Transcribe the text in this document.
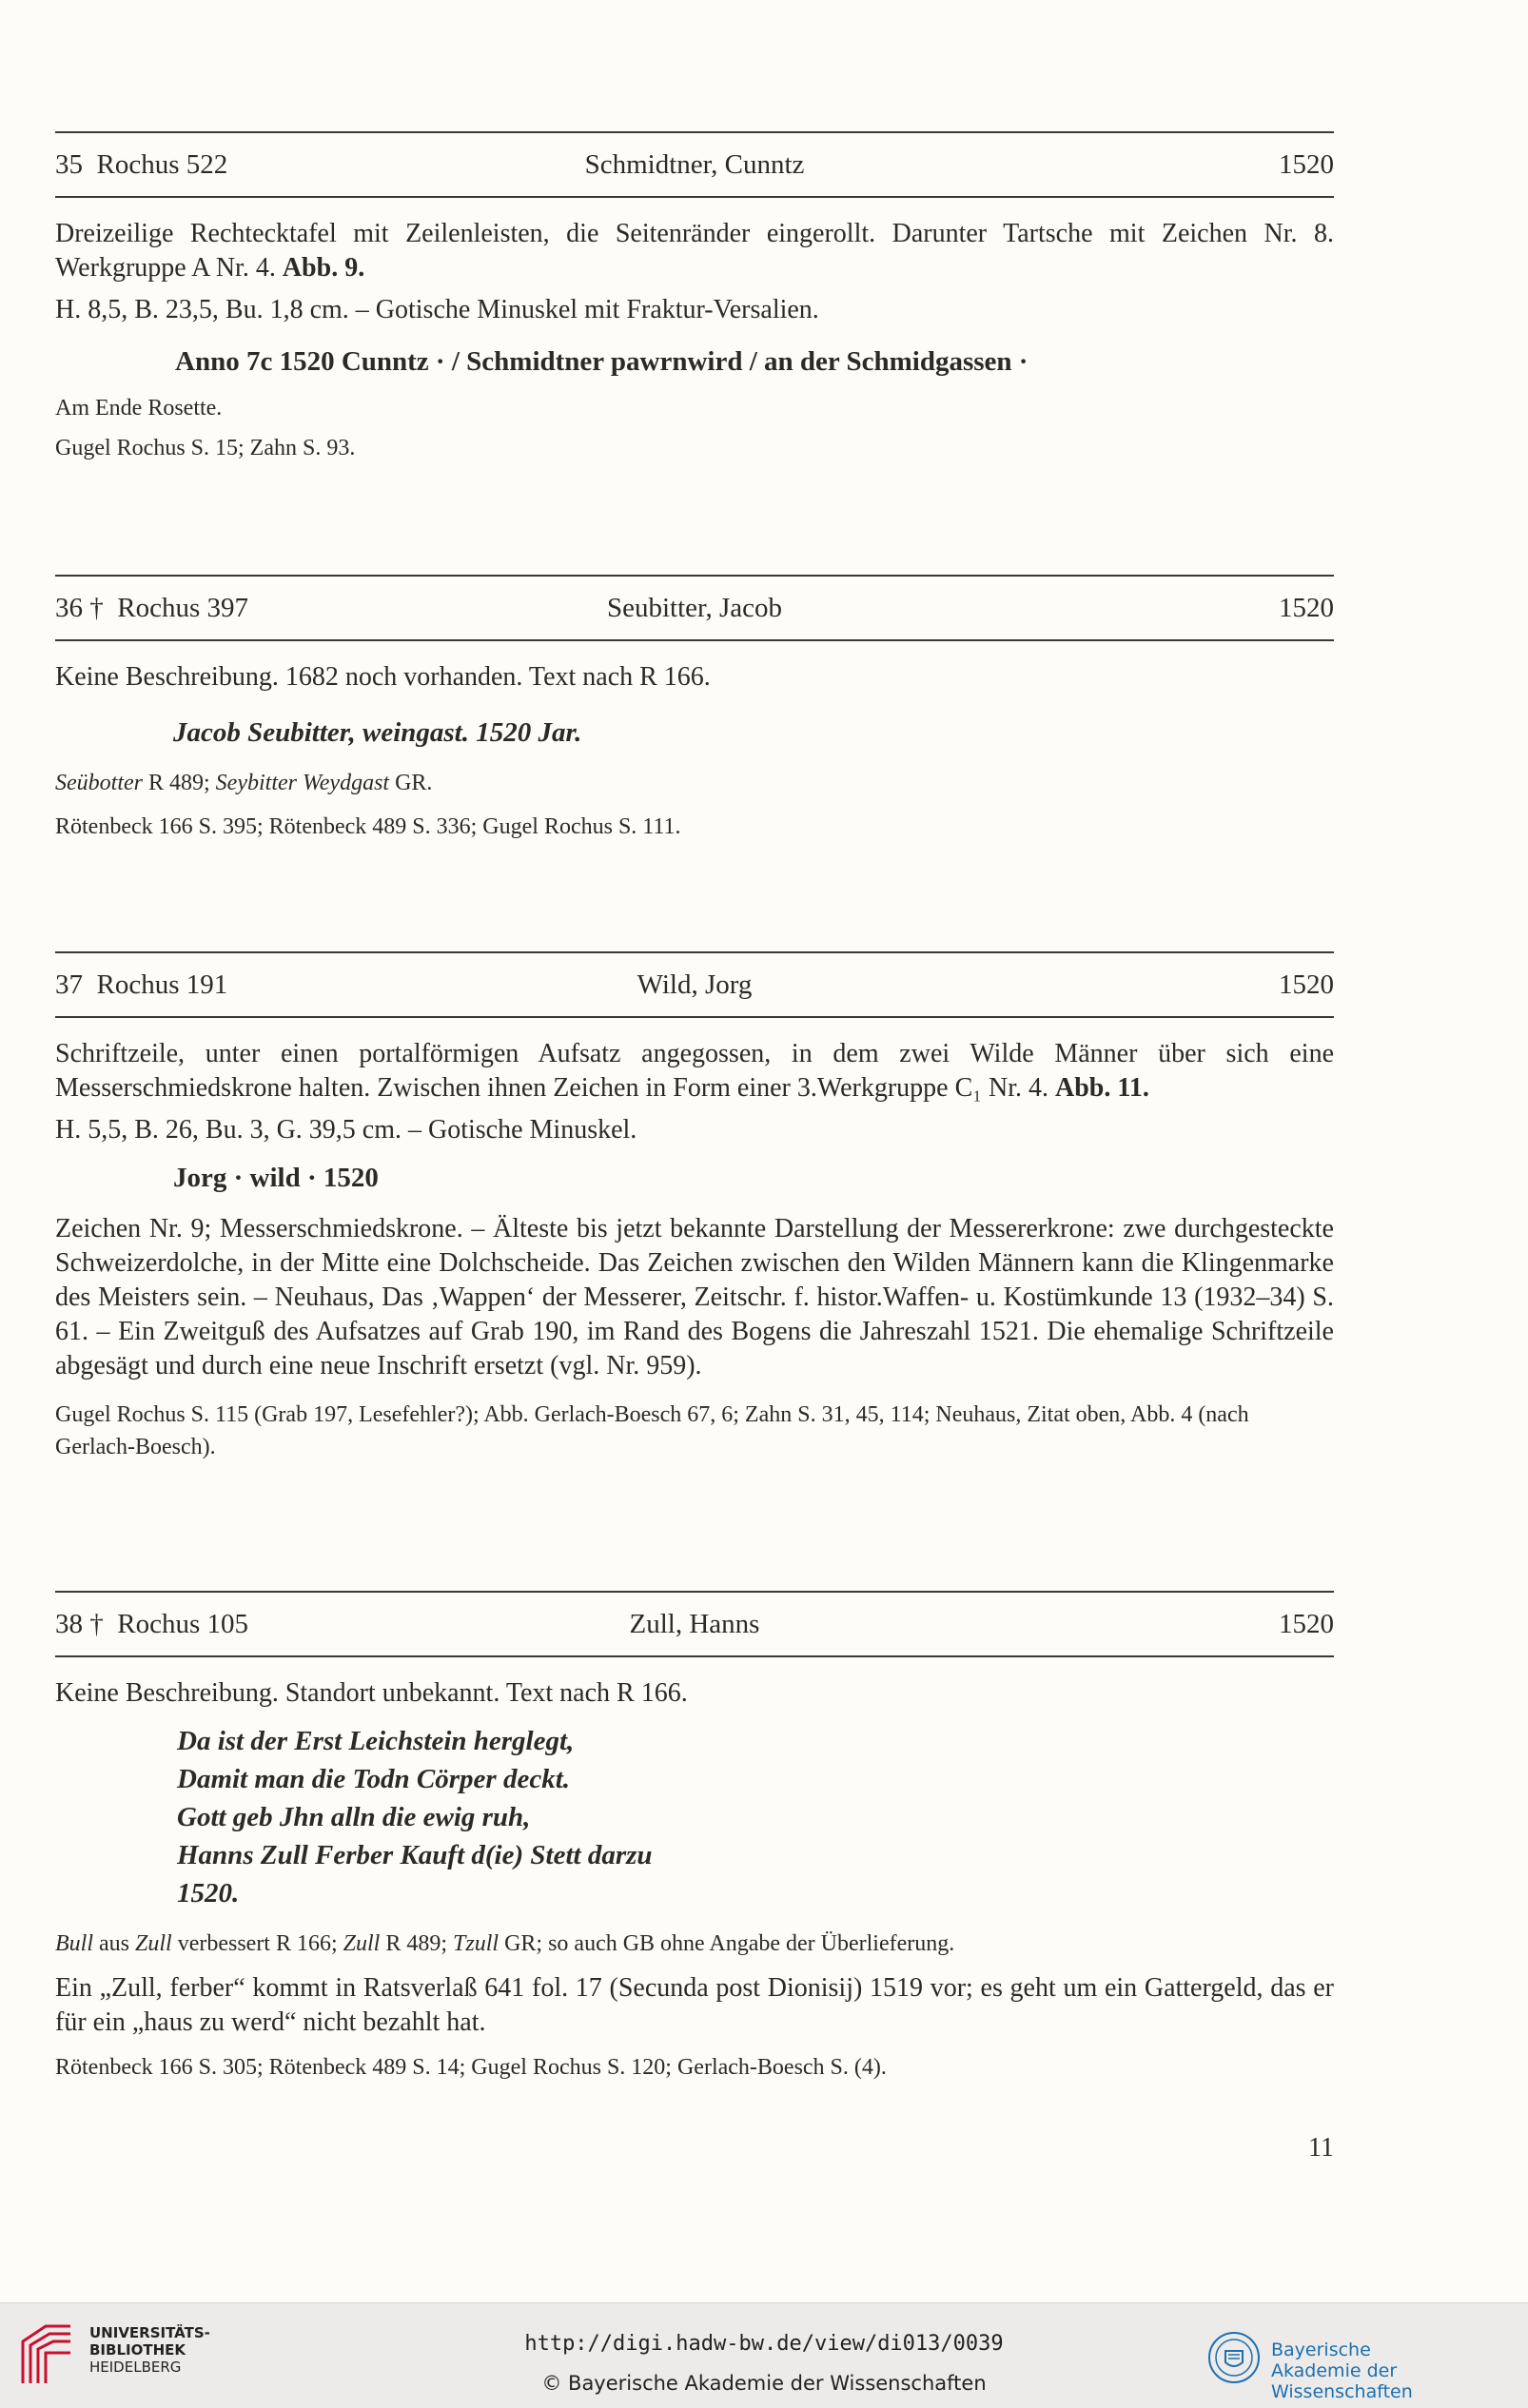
35 Rochus 522	Schmidtner, Cunntz	1520

Dreizeilige Rechtecktafel mit Zeilenleisten, die Seitenränder eingerollt. Darunter Tartsche mit Zeichen Nr. 8. Werkgruppe A Nr. 4. Abb. 9.

H. 8,5, B. 23,5, Bu. 1,8 cm. – Gotische Minuskel mit Fraktur-Versalien.

Anno 7c 1520 Cunntz · / Schmidtner pawrnwird / an der Schmidgassen ·

Am Ende Rosette.

Gugel Rochus S. 15; Zahn S. 93.

36 † Rochus 397	Seubitter, Jacob	1520

Keine Beschreibung. 1682 noch vorhanden. Text nach R 166.

Jacob Seubitter, weingast. 1520 Jar.

Seübotter R 489; Seybitter Weydgast GR.

Rötenbeck 166 S. 395; Rötenbeck 489 S. 336; Gugel Rochus S. 111.

37 Rochus 191	Wild, Jorg	1520

Schriftzeile, unter einen portalförmigen Aufsatz angegossen, in dem zwei Wilde Männer über sich eine Messerschmiedskrone halten. Zwischen ihnen Zeichen in Form einer 3.Werkgruppe C₁ Nr. 4. Abb. 11.

H. 5,5, B. 26, Bu. 3, G. 39,5 cm. – Gotische Minuskel.

Jorg · wild · 1520

Zeichen Nr. 9; Messerschmiedskrone. – Älteste bis jetzt bekannte Darstellung der Messererkrone: zwe durchgesteckte Schweizerdolche, in der Mitte eine Dolchscheide. Das Zeichen zwischen den Wilden Männern kann die Klingenmarke des Meisters sein. – Neuhaus, Das ‚Wappen‘ der Messerer, Zeitschr. f. histor.Waffen- u. Kostümkunde 13 (1932–34) S. 61. – Ein Zweitguß des Aufsatzes auf Grab 190, im Rand des Bogens die Jahreszahl 1521. Die ehemalige Schriftzeile abgesägt und durch eine neue Inschrift ersetzt (vgl. Nr. 959).

Gugel Rochus S. 115 (Grab 197, Lesefehler?); Abb. Gerlach-Boesch 67, 6; Zahn S. 31, 45, 114; Neuhaus, Zitat oben, Abb. 4 (nach Gerlach-Boesch).

38 † Rochus 105	Zull, Hanns	1520

Keine Beschreibung. Standort unbekannt. Text nach R 166.

Da ist der Erst Leichstein herglegt,

Damit man die Todn Cörper deckt.

Gott geb Jhn alln die ewig ruh,

Hanns Zull Ferber Kauft d(ie) Stett darzu

1520.

Bull aus Zull verbessert R 166; Zull R 489; Tzull GR; so auch GB ohne Angabe der Überlieferung.

Ein „Zull, ferber“ kommt in Ratsverlaß 641 fol. 17 (Secunda post Dionisij) 1519 vor; es geht um ein Gattergeld, das er für ein „haus zu werd“ nicht bezahlt hat.

Rötenbeck 166 S. 305; Rötenbeck 489 S. 14; Gugel Rochus S. 120; Gerlach-Boesch S. (4).

11
UNIVERSITÄTS-
BIBLIOTHEK
HEIDELBERG
http://digi.hadw-bw.de/view/di013/0039
© Bayerische Akademie der Wissenschaften
Bayerische
Akademie der Wissenschaften
